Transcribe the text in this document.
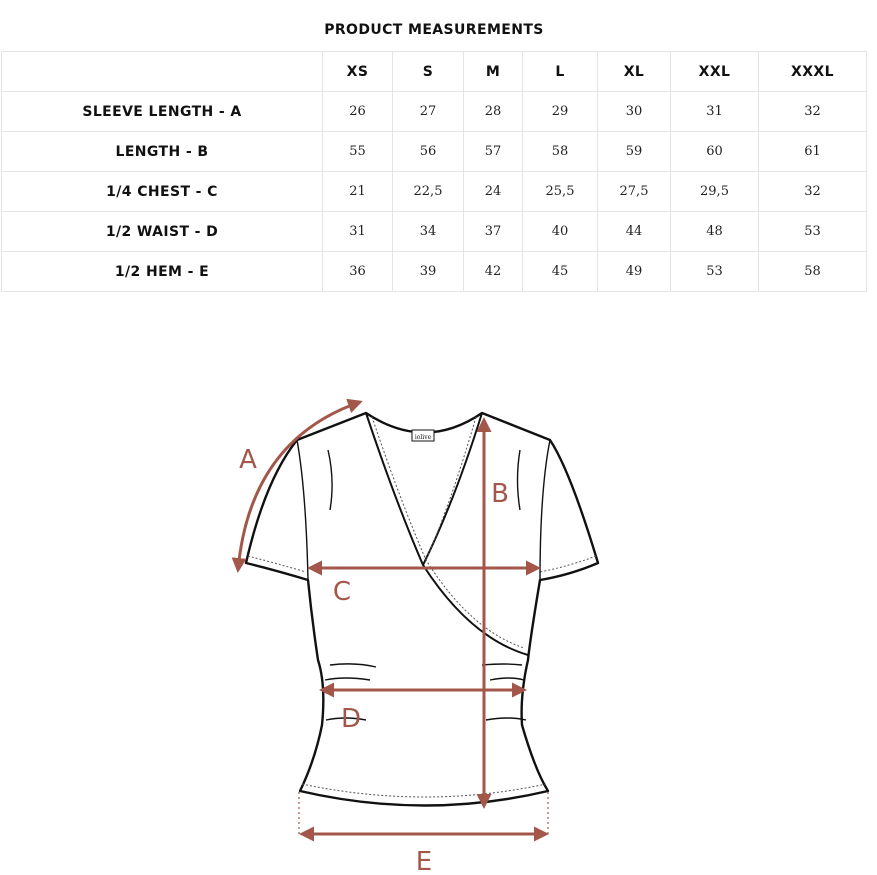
PRODUCT MEASUREMENTS
	XS	S	M	L	XL	XXL	XXXL
SLEEVE LENGTH - A	26	27	28	29	30	31	32
LENGTH - B	55	56	57	58	59	60	61
1/4 CHEST - C	21	22,5	24	25,5	27,5	29,5	32
1/2 WAIST - D	31	34	37	40	44	48	53
1/2 HEM - E	36	39	42	45	49	53	58
iolive
A
B
C
D
E
